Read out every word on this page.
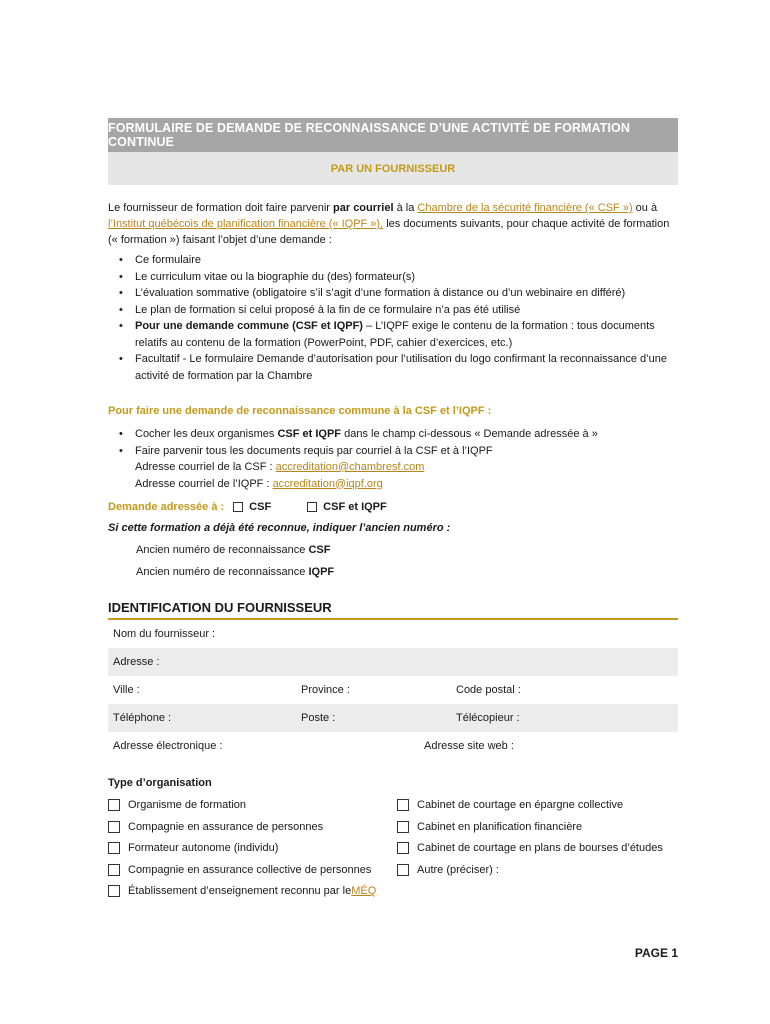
FORMULAIRE DE DEMANDE DE RECONNAISSANCE D’UNE ACTIVITÉ DE FORMATION CONTINUE
PAR UN FOURNISSEUR
Le fournisseur de formation doit faire parvenir par courriel à la Chambre de la sécurité financière (« CSF ») ou à l’Institut québécois de planification financière (« IQPF »), les documents suivants, pour chaque activité de formation (« formation ») faisant l’objet d’une demande :
• Ce formulaire
• Le curriculum vitae ou la biographie du (des) formateur(s)
• L’évaluation sommative (obligatoire s’il s’agit d’une formation à distance ou d’un webinaire en différé)
• Le plan de formation si celui proposé à la fin de ce formulaire n’a pas été utilisé
• Pour une demande commune (CSF et IQPF) – L’IQPF exige le contenu de la formation : tous documents relatifs au contenu de la formation (PowerPoint, PDF, cahier d’exercices, etc.)
• Facultatif - Le formulaire Demande d’autorisation pour l’utilisation du logo confirmant la reconnaissance d’une activité de formation par la Chambre
Pour faire une demande de reconnaissance commune à la CSF et l’IQPF :
• Cocher les deux organismes CSF et IQPF dans le champ ci-dessous « Demande adressée à »
• Faire parvenir tous les documents requis par courriel à la CSF et à l’IQPF
Adresse courriel de la CSF : accreditation@chambresf.com
Adresse courriel de l’IQPF : accreditation@iqpf.org
Demande adressée à : CSF	CSF et IQPF
Si cette formation a déjà été reconnue, indiquer l’ancien numéro :
Ancien numéro de reconnaissance CSF
Ancien numéro de reconnaissance IQPF
IDENTIFICATION DU FOURNISSEUR
Nom du fournisseur :
Adresse :
Ville :	Province :	Code postal :
Téléphone :	Poste :	Télécopieur :
Adresse électronique :	Adresse site web :
Type d’organisation
Organisme de formation
Compagnie en assurance de personnes
Formateur autonome (individu)
Compagnie en assurance collective de personnes
Établissement d’enseignement reconnu par le MÉQ
Cabinet de courtage en épargne collective
Cabinet en planification financière
Cabinet de courtage en plans de bourses d’études
Autre (préciser) :
PAGE 1
